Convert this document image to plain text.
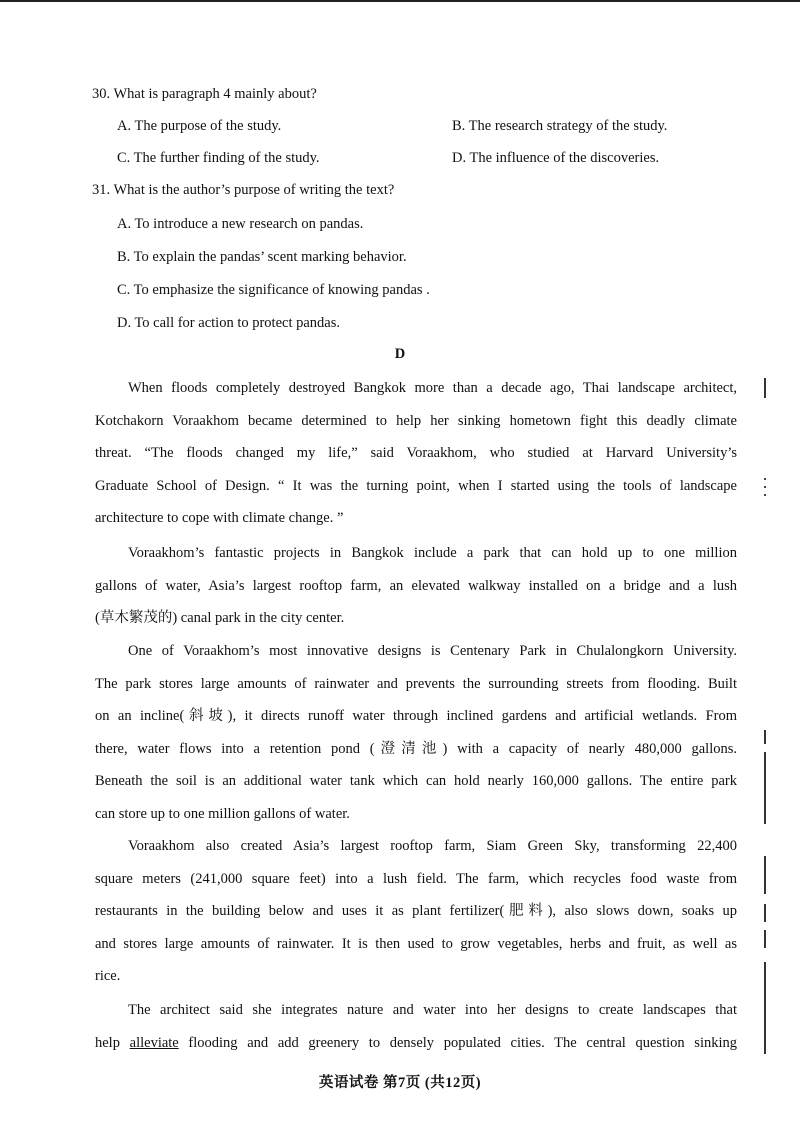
30. What is paragraph 4 mainly about?
A. The purpose of the study.	B. The research strategy of the study.
C. The further finding of the study.	D. The influence of the discoveries.
31. What is the author’s purpose of writing the text?
A. To introduce a new research on pandas.
B. To explain the pandas’ scent marking behavior.
C. To emphasize the significance of knowing pandas .
D. To call for action to protect pandas.
D
When floods completely destroyed Bangkok more than a decade ago, Thai landscape architect,
Kotchakorn Voraakhom became determined to help her sinking hometown fight this deadly climate
threat. “The floods changed my life,” said Voraakhom, who studied at Harvard University’s
Graduate School of Design. “ It was the turning point, when I started using the tools of landscape
architecture to cope with climate change. ”
Voraakhom’s fantastic projects in Bangkok include a park that can hold up to one million
gallons of water, Asia’s largest rooftop farm, an elevated walkway installed on a bridge and a lush
(草木繁茂的) canal park in the city center.
One of Voraakhom’s most innovative designs is Centenary Park in Chulalongkorn University.
The park stores large amounts of rainwater and prevents the surrounding streets from flooding. Built
on an incline(斜坡), it directs runoff water through inclined gardens and artificial wetlands. From
there, water flows into a retention pond (澄清池) with a capacity of nearly 480,000 gallons.
Beneath the soil is an additional water tank which can hold nearly 160,000 gallons. The entire park
can store up to one million gallons of water.
Voraakhom also created Asia’s largest rooftop farm, Siam Green Sky, transforming 22,400
square meters (241,000 square feet) into a lush field. The farm, which recycles food waste from
restaurants in the building below and uses it as plant fertilizer(肥料), also slows down, soaks up
and stores large amounts of rainwater. It is then used to grow vegetables, herbs and fruit, as well as
rice.
The architect said she integrates nature and water into her designs to create landscapes that
help alleviate flooding and add greenery to densely populated cities. The central question sinking
英语试卷 第7页 (共12页)
